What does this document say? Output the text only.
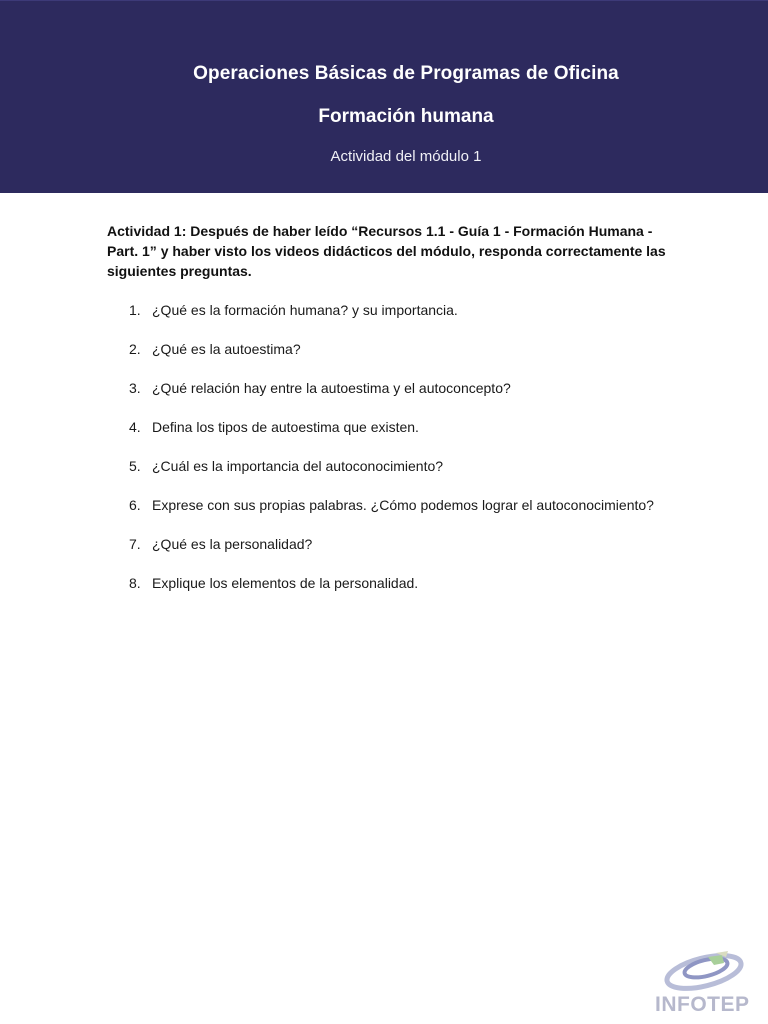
Operaciones Básicas de Programas de Oficina
Formación humana
Actividad del módulo 1

Actividad 1: Después de haber leído “Recursos 1.1 - Guía 1 - Formación Humana - Part. 1” y haber visto los videos didácticos del módulo, responda correctamente las siguientes preguntas.

1. ¿Qué es la formación humana? y su importancia.
2. ¿Qué es la autoestima?
3. ¿Qué relación hay entre la autoestima y el autoconcepto?
4. Defina los tipos de autoestima que existen.
5. ¿Cuál es la importancia del autoconocimiento?
6. Exprese con sus propias palabras. ¿Cómo podemos lograr el autoconocimiento?
7. ¿Qué es la personalidad?
8. Explique los elementos de la personalidad.
INFOTEP
